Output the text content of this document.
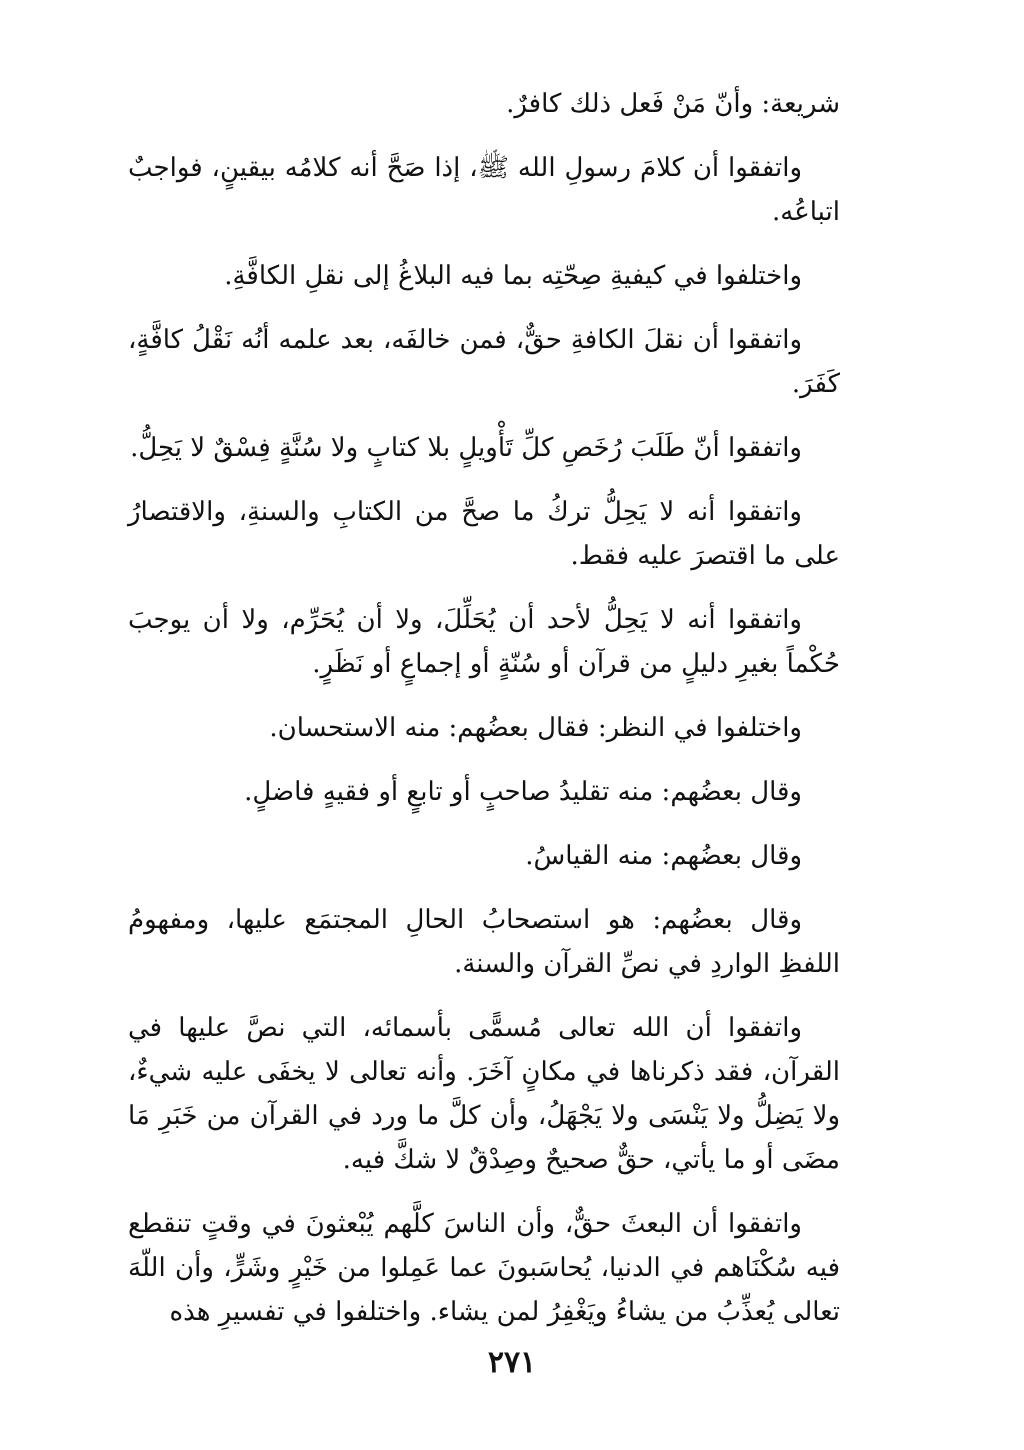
شريعة: وأنّ مَنْ فَعل ذلك كافرٌ.

واتفقوا أن كلامَ رسولِ الله ﷺ، إذا صَحَّ أنه كلامُه بيقينٍ، فواجبٌ اتباعُه.

واختلفوا في كيفيةِ صِحّتِه بما فيه البلاغُ إلى نقلِ الكافَّةِ.

واتفقوا أن نقلَ الكافةِ حقٌّ، فمن خالفَه، بعد علمه أنُه نَقْلُ كافَّةٍ، كَفَرَ.

واتفقوا أنّ طَلَبَ رُخَصِ كلِّ تَأْويلٍ بلا كتابٍ ولا سُنَّةٍ فِسْقٌ لا يَحِلُّ.

واتفقوا أنه لا يَحِلُّ تركُ ما صحَّ من الكتابِ والسنةِ، والاقتصارُ على ما اقتصرَ عليه فقط.

واتفقوا أنه لا يَحِلُّ لأحد أن يُحَلِّلَ، ولا أن يُحَرِّم، ولا أن يوجبَ حُكْماً بغيرِ دليلٍ من قرآن أو سُنّةٍ أو إجماعٍ أو نَظَرٍ.

واختلفوا في النظر: فقال بعضُهم: منه الاستحسان.

وقال بعضُهم: منه تقليدُ صاحبٍ أو تابعٍ أو فقيهٍ فاضلٍ.

وقال بعضُهم: منه القياسُ.

وقال بعضُهم: هو استصحابُ الحالِ المجتمَع عليها، ومفهومُ اللفظِ الواردِ في نصِّ القرآن والسنة.

واتفقوا أن الله تعالى مُسمًّى بأسمائه، التي نصَّ عليها في القرآن، فقد ذكرناها في مكانٍ آخَرَ. وأنه تعالى لا يخفَى عليه شيءٌ، ولا يَضِلُّ ولا يَنْسَى ولا يَجْهَلُ، وأن كلَّ ما ورد في القرآن من خَبَرِ مَا مضَى أو ما يأتي، حقٌّ صحيحٌ وصِدْقٌ لا شكَّ فيه.

واتفقوا أن البعثَ حقٌّ، وأن الناسَ كلَّهم يُبْعثونَ في وقتٍ تنقطع فيه سُكْنَاهم في الدنيا، يُحاسَبونَ عما عَمِلوا من خَيْرٍ وشَرٍّ، وأن اللّهَ تعالى يُعذِّبُ من يشاءُ ويَغْفِرُ لمن يشاء. واختلفوا في تفسيرِ هذه

٢٧١
